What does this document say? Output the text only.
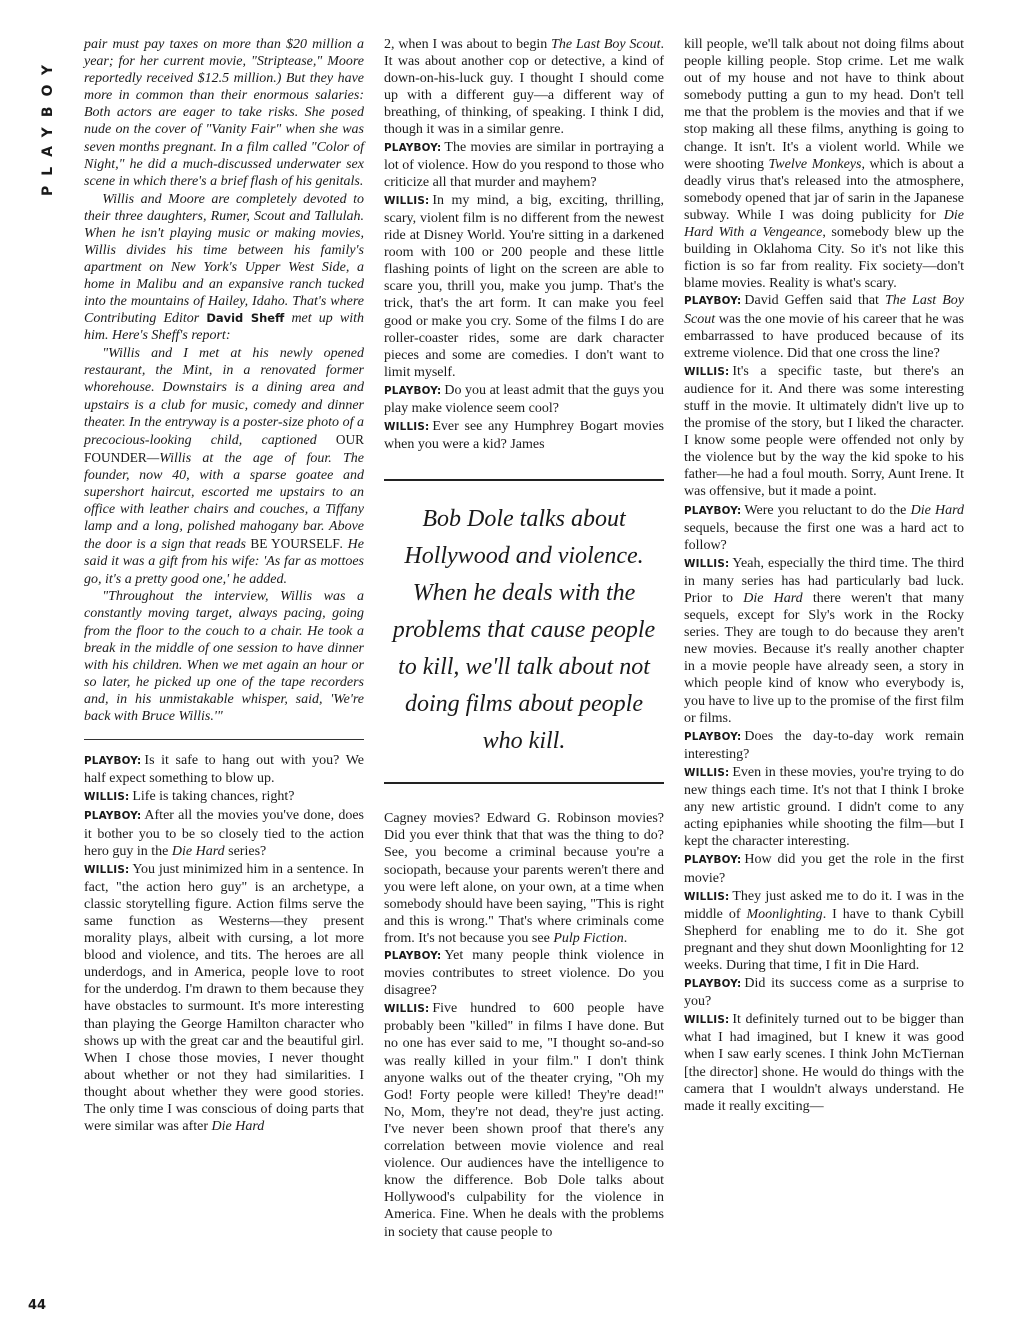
PLAYBOY
44

pair must pay taxes on more than $20 million a year; for her current movie, "Striptease," Moore reportedly received $12.5 million.) But they have more in common than their enormous salaries: Both actors are eager to take risks. She posed nude on the cover of "Vanity Fair" when she was seven months pregnant. In a film called "Color of Night," he did a much-discussed underwater sex scene in which there's a brief flash of his genitals.

Willis and Moore are completely devoted to their three daughters, Rumer, Scout and Tallulah. When he isn't playing music or making movies, Willis divides his time between his family's apartment on New York's Upper West Side, a home in Malibu and an expansive ranch tucked into the mountains of Hailey, Idaho. That's where Contributing Editor David Sheff met up with him. Here's Sheff's report:

"Willis and I met at his newly opened restaurant, the Mint, in a renovated former whorehouse. Downstairs is a dining area and upstairs is a club for music, comedy and dinner theater. In the entryway is a poster-size photo of a precocious-looking child, captioned OUR FOUNDER—Willis at the age of four. The founder, now 40, with a sparse goatee and supershort haircut, escorted me upstairs to an office with leather chairs and couches, a Tiffany lamp and a long, polished mahogany bar. Above the door is a sign that reads BE YOURSELF. He said it was a gift from his wife: 'As far as mottoes go, it's a pretty good one,' he added.

"Throughout the interview, Willis was a constantly moving target, always pacing, going from the floor to the couch to a chair. He took a break in the middle of one session to have dinner with his children. When we met again an hour or so later, he picked up one of the tape recorders and, in his unmistakable whisper, said, 'We're back with Bruce Willis.'"

PLAYBOY: Is it safe to hang out with you? We half expect something to blow up.

WILLIS: Life is taking chances, right?

PLAYBOY: After all the movies you've done, does it bother you to be so closely tied to the action hero guy in the Die Hard series?

WILLIS: You just minimized him in a sentence. In fact, "the action hero guy" is an archetype, a classic storytelling figure. Action films serve the same function as Westerns—they present morality plays, albeit with cursing, a lot more blood and violence, and tits. The heroes are all underdogs, and in America, people love to root for the underdog. I'm drawn to them because they have obstacles to surmount. It's more interesting than playing the George Hamilton character who shows up with the great car and the beautiful girl. When I chose those movies, I never thought about whether or not they had similarities. I thought about whether they were good stories. The only time I was conscious of doing parts that were similar was after Die Hard

2, when I was about to begin The Last Boy Scout. It was about another cop or detective, a kind of down-on-his-luck guy. I thought I should come up with a different guy—a different way of breathing, of thinking, of speaking. I think I did, though it was in a similar genre.

PLAYBOY: The movies are similar in portraying a lot of violence. How do you respond to those who criticize all that murder and mayhem?

WILLIS: In my mind, a big, exciting, thrilling, scary, violent film is no different from the newest ride at Disney World. You're sitting in a darkened room with 100 or 200 people and these little flashing points of light on the screen are able to scare you, thrill you, make you jump. That's the trick, that's the art form. It can make you feel good or make you cry. Some of the films I do are roller-coaster rides, some are dark character pieces and some are comedies. I don't want to limit myself.

PLAYBOY: Do you at least admit that the guys you play make violence seem cool?

WILLIS: Ever see any Humphrey Bogart movies when you were a kid? James

Bob Dole talks about Hollywood and violence. When he deals with the problems that cause people to kill, we'll talk about not doing films about people who kill.

Cagney movies? Edward G. Robinson movies? Did you ever think that that was the thing to do? See, you become a criminal because you're a sociopath, because your parents weren't there and you were left alone, on your own, at a time when somebody should have been saying, "This is right and this is wrong." That's where criminals come from. It's not because you see Pulp Fiction.

PLAYBOY: Yet many people think violence in movies contributes to street violence. Do you disagree?

WILLIS: Five hundred to 600 people have probably been "killed" in films I have done. But no one has ever said to me, "I thought so-and-so was really killed in your film." I don't think anyone walks out of the theater crying, "Oh my God! Forty people were killed! They're dead!" No, Mom, they're not dead, they're just acting. I've never been shown proof that there's any correlation between movie violence and real violence. Our audiences have the intelligence to know the difference. Bob Dole talks about Hollywood's culpability for the violence in America. Fine. When he deals with the problems in society that cause people to

kill people, we'll talk about not doing films about people killing people. Stop crime. Let me walk out of my house and not have to think about somebody putting a gun to my head. Don't tell me that the problem is the movies and that if we stop making all these films, anything is going to change. It isn't. It's a violent world. While we were shooting Twelve Monkeys, which is about a deadly virus that's released into the atmosphere, somebody opened that jar of sarin in the Japanese subway. While I was doing publicity for Die Hard With a Vengeance, somebody blew up the building in Oklahoma City. So it's not like this fiction is so far from reality. Fix society—don't blame movies. Reality is what's scary.

PLAYBOY: David Geffen said that The Last Boy Scout was the one movie of his career that he was embarrassed to have produced because of its extreme violence. Did that one cross the line?

WILLIS: It's a specific taste, but there's an audience for it. And there was some interesting stuff in the movie. It ultimately didn't live up to the promise of the story, but I liked the character. I know some people were offended not only by the violence but by the way the kid spoke to his father—he had a foul mouth. Sorry, Aunt Irene. It was offensive, but it made a point.

PLAYBOY: Were you reluctant to do the Die Hard sequels, because the first one was a hard act to follow?

WILLIS: Yeah, especially the third time. The third in many series has had particularly bad luck. Prior to Die Hard there weren't that many sequels, except for Sly's work in the Rocky series. They are tough to do because they aren't new movies. Because it's really another chapter in a movie people have already seen, a story in which people kind of know who everybody is, you have to live up to the promise of the first film or films.

PLAYBOY: Does the day-to-day work remain interesting?

WILLIS: Even in these movies, you're trying to do new things each time. It's not that I think I broke any new artistic ground. I didn't come to any acting epiphanies while shooting the film—but I kept the character interesting.

PLAYBOY: How did you get the role in the first movie?

WILLIS: They just asked me to do it. I was in the middle of Moonlighting. I have to thank Cybill Shepherd for enabling me to do it. She got pregnant and they shut down Moonlighting for 12 weeks. During that time, I fit in Die Hard.

PLAYBOY: Did its success come as a surprise to you?

WILLIS: It definitely turned out to be bigger than what I had imagined, but I knew it was good when I saw early scenes. I think John McTiernan [the director] shone. He would do things with the camera that I wouldn't always understand. He made it really exciting—
